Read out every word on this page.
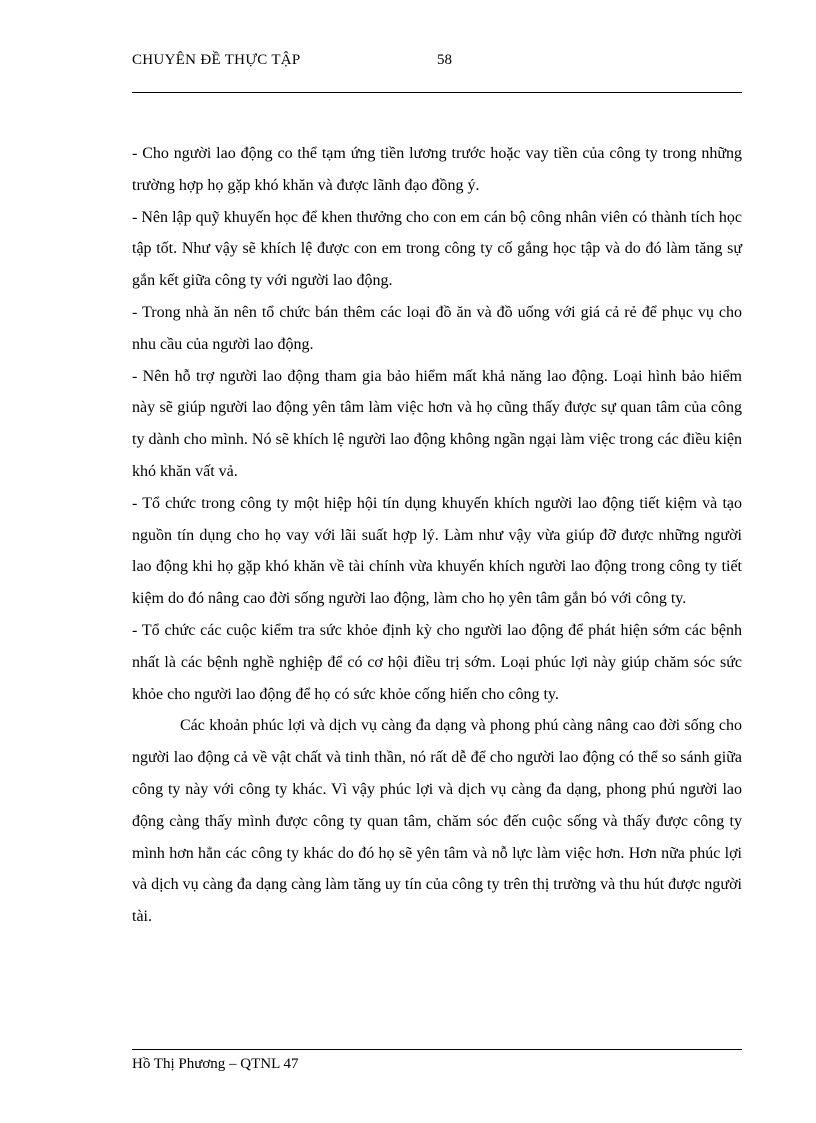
CHUYÊN ĐỀ THỰC TẬP	58

- Cho người lao động co thể tạm ứng tiền lương trước hoặc vay tiền của công ty trong những trường hợp họ gặp khó khăn và được lãnh đạo đồng ý.

- Nên lập quỹ khuyến học để khen thưởng cho con em cán bộ công nhân viên có thành tích học tập tốt. Như vậy sẽ khích lệ được con em trong công ty cố gắng học tập và do đó làm tăng sự gắn kết giữa công ty với người lao động.

- Trong nhà ăn nên tổ chức bán thêm các loại đồ ăn và đồ uống với giá cả rẻ để phục vụ cho nhu cầu của người lao động.

- Nên hỗ trợ người lao động tham gia bảo hiểm mất khả năng lao động. Loại hình bảo hiểm này sẽ giúp người lao động yên tâm làm việc hơn và họ cũng thấy được sự quan tâm của công ty dành cho mình. Nó sẽ khích lệ người lao động không ngần ngại làm việc trong các điều kiện khó khăn vất vả.

- Tổ chức trong công ty một hiệp hội tín dụng khuyến khích người lao động tiết kiệm và tạo nguồn tín dụng cho họ vay với lãi suất hợp lý. Làm như vậy vừa giúp đỡ được những người lao động khi họ gặp khó khăn về tài chính vừa khuyến khích người lao động trong công ty tiết kiệm do đó nâng cao đời sống người lao động, làm cho họ yên tâm gắn bó với công ty.

- Tổ chức các cuộc kiểm tra sức khỏe định kỳ cho người lao động để phát hiện sớm các bệnh nhất là các bệnh nghề nghiệp để có cơ hội điều trị sớm. Loại phúc lợi này giúp chăm sóc sức khỏe cho người lao động để họ có sức khỏe cống hiến cho công ty.

Các khoản phúc lợi và dịch vụ càng đa dạng và phong phú càng nâng cao đời sống cho người lao động cả về vật chất và tinh thần, nó rất dễ để cho người lao động có thể so sánh giữa công ty này với công ty khác. Vì vậy phúc lợi và dịch vụ càng đa dạng, phong phú người lao động càng thấy mình được công ty quan tâm, chăm sóc đến cuộc sống và thấy được công ty mình hơn hẳn các công ty khác do đó họ sẽ yên tâm và nỗ lực làm việc hơn. Hơn nữa phúc lợi và dịch vụ càng đa dạng càng làm tăng uy tín của công ty trên thị trường và thu hút được người tài.

Hồ Thị Phương – QTNL 47
